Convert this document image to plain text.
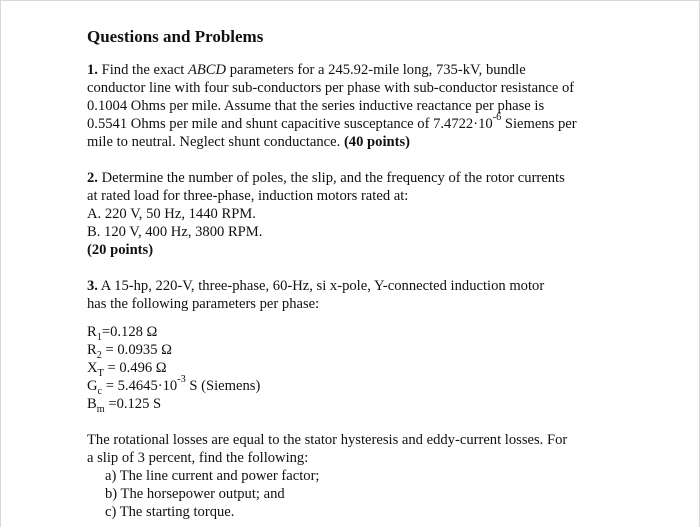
Questions and Problems
1. Find the exact ABCD parameters for a 245.92-mile long, 735-kV, bundle
conductor line with four sub-conductors per phase with sub-conductor resistance of
0.1004 Ohms per mile. Assume that the series inductive reactance per phase is
0.5541 Ohms per mile and shunt capacitive susceptance of $7.4722\cdot 10^{-6}$ Siemens per
mile to neutral. Neglect shunt conductance. (40 points)
2. Determine the number of poles, the slip, and the frequency of the rotor currents
at rated load for three-phase, induction motors rated at:
A. 220 V, 50 Hz, 1440 RPM.
B. 120 V, 400 Hz, 3800 RPM.
(20 points)
3. A 15-hp, 220-V, three-phase, 60-Hz, si x-pole, Y-connected induction motor
has the following parameters per phase:
$R_1=0.128$ Ω
$R_2 = 0.0935$ Ω
$X_T = 0.496$ Ω
$G_c = 5.4645\cdot 10^{-3}$ S (Siemens)
$B_m =0.125$ S
The rotational losses are equal to the stator hysteresis and eddy-current losses. For
a slip of 3 percent, find the following:
a) The line current and power factor;
b) The horsepower output; and
c) The starting torque.
